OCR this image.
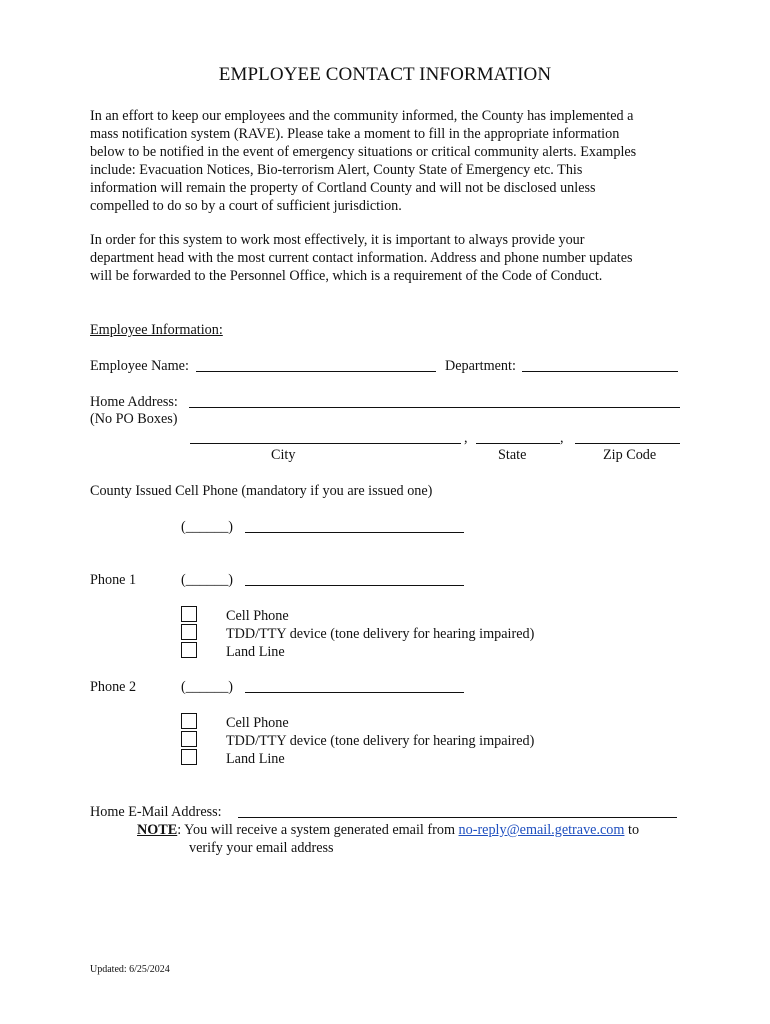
EMPLOYEE CONTACT INFORMATION
In an effort to keep our employees and the community informed, the County has implemented a
mass notification system (RAVE). Please take a moment to fill in the appropriate information
below to be notified in the event of emergency situations or critical community alerts. Examples
include: Evacuation Notices, Bio-terrorism Alert, County State of Emergency etc. This
information will remain the property of Cortland County and will not be disclosed unless
compelled to do so by a court of sufficient jurisdiction.
In order for this system to work most effectively, it is important to always provide your
department head with the most current contact information. Address and phone number updates
will be forwarded to the Personnel Office, which is a requirement of the Code of Conduct.
Employee Information:
Employee Name:	Department:
Home Address:
(No PO Boxes)
,	,
City	State	Zip Code
County Issued Cell Phone (mandatory if you are issued one)
(______)
Phone 1	(______)
Cell Phone
TDD/TTY device (tone delivery for hearing impaired)
Land Line
Phone 2	(______)
Cell Phone
TDD/TTY device (tone delivery for hearing impaired)
Land Line
Home E-Mail Address:
NOTE: You will receive a system generated email from no-reply@email.getrave.com to
verify your email address
Updated: 6/25/2024
